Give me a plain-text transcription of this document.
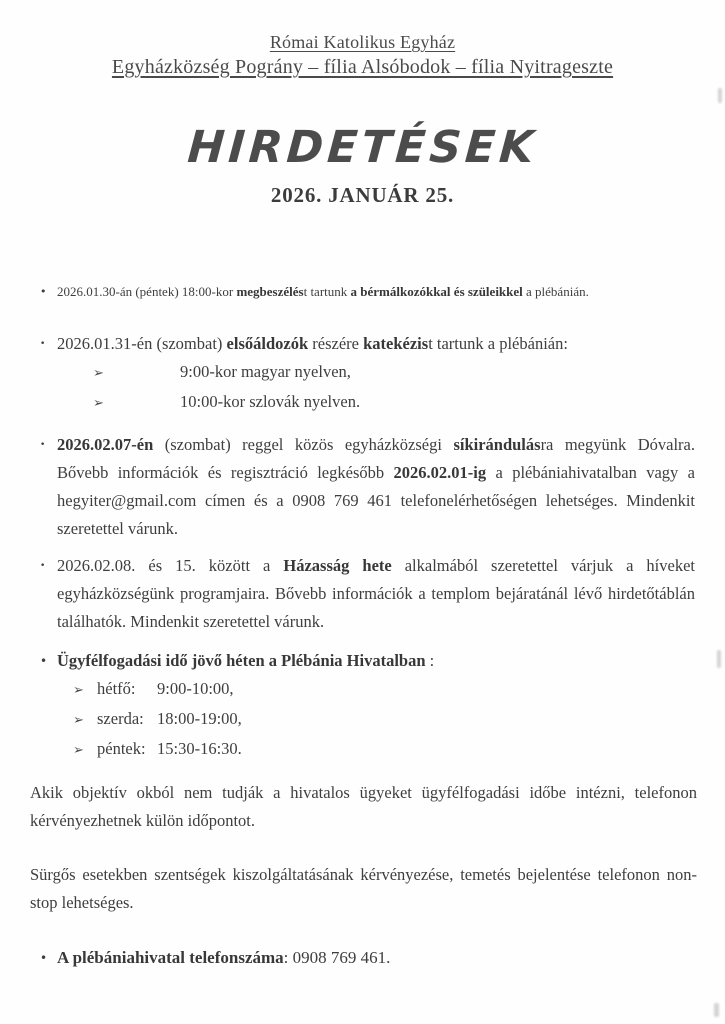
Római Katolikus Egyház
Egyházközség Pográny – fília Alsóbodok – fília Nyitrageszte
HIRDETÉSEK
2026. JANUÁR 25.
• 2026.01.30-án (péntek) 18:00-kor megbeszélést tartunk a bérmálkozókkal és szüleikkel a plébánián.

• 2026.01.31-én (szombat) elsőáldozók részére katekézist tartunk a plébánián:

➢	9:00-kor magyar nyelven,
➢	10:00-kor szlovák nyelven.
• 2026.02.07-én (szombat) reggel közös egyházközségi síkirándulásra megyünk Dóvalra. Bővebb információk és regisztráció legkésőbb 2026.02.01-ig a plébániahivatalban vagy a hegyiter@gmail.com címen és a 0908 769 461 telefonelérhetőségen lehetséges. Mindenkit szeretettel várunk.

• 2026.02.08. és 15. között a Házasság hete alkalmából szeretettel várjuk a híveket egyházközségünk programjaira. Bővebb információk a templom bejáratánál lévő hirdetőtáblán találhatók. Mindenkit szeretettel várunk.

• Ügyfélfogadási idő jövő héten a Plébánia Hivatalban :

➢ hétfő: 9:00-10:00,
➢ szerda: 18:00-19:00,
➢ péntek: 15:30-16:30.

Akik objektív okból nem tudják a hivatalos ügyeket ügyfélfogadási időbe intézni, telefonon kérvényezhetnek külön időpontot.

Sürgős esetekben szentségek kiszolgáltatásának kérvényezése, temetés bejelentése telefonon non-stop lehetséges.

• A plébániahivatal telefonszáma: 0908 769 461.
